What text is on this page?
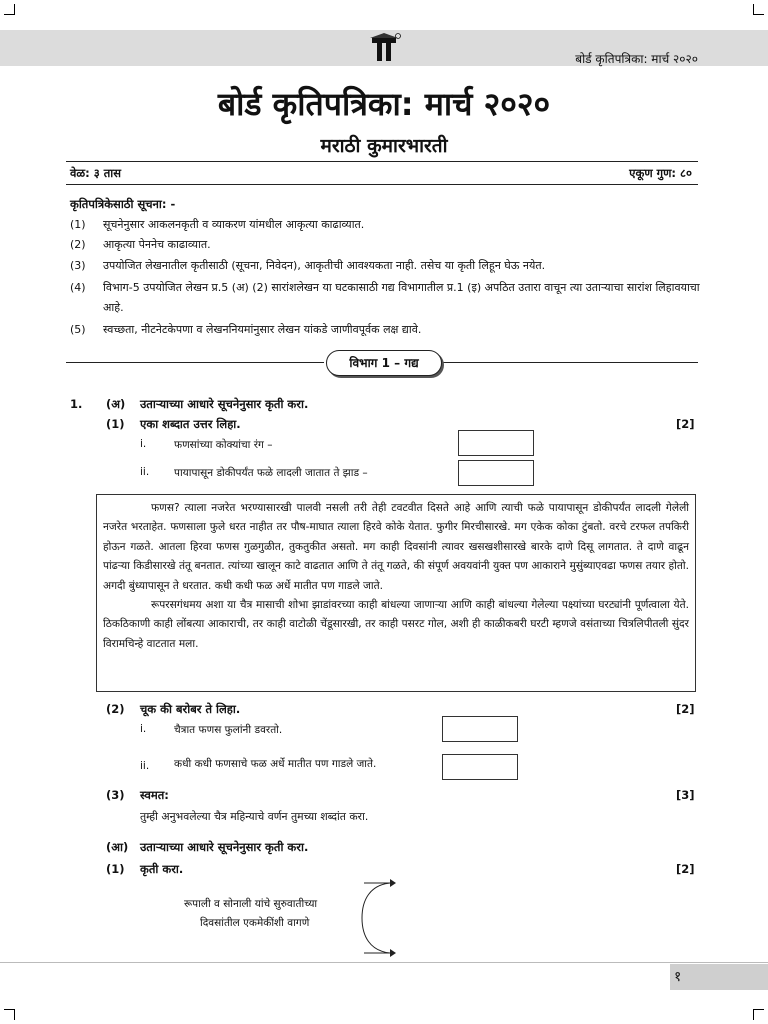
बोर्ड कृतिपत्रिका: मार्च २०२०
बोर्ड कृतिपत्रिका: मार्च २०२०
मराठी कुमारभारती
वेळ: ३ तास	एकूण गुण: ८०
कृतिपत्रिकेसाठी सूचना: -
(1)	सूचनेनुसार आकलनकृती व व्याकरण यांमधील आकृत्या काढाव्यात.
(2)	आकृत्या पेननेच काढाव्यात.
(3)	उपयोजित लेखनातील कृतीसाठी (सूचना, निवेदन), आकृतीची आवश्यकता नाही. तसेच या कृती लिहून घेऊ नयेत.
(4)	विभाग-5 उपयोजित लेखन प्र.5 (अ) (2) सारांशलेखन या घटकासाठी गद्य विभागातील प्र.1 (इ) अपठित उतारा वाचून त्या उताऱ्याचा सारांश लिहावयाचा आहे.
(5)	स्वच्छता, नीटनेटकेपणा व लेखननियमांनुसार लेखन यांकडे जाणीवपूर्वक लक्ष द्यावे.
विभाग 1 – गद्य
1. (अ) उताऱ्याच्या आधारे सूचनेनुसार कृती करा.
(1) एका शब्दात उत्तर लिहा.	[2]
i.	फणसांच्या कोक्यांचा रंग –
ii. पायापासून डोकीपर्यंत फळे लादली जातात ते झाड –

फणस? त्याला नजरेत भरण्यासारखी पालवी नसली तरी तेही टवटवीत दिसते आहे आणि त्याची फळे पायापासून डोकीपर्यंत लादली गेलेली नजरेत भरताहेत. फणसाला फुले धरत नाहीत तर पौष-माघात त्याला हिरवे कोके येतात. फुगीर मिरचीसारखे. मग एकेक कोका टुंबतो. वरचे टरफल तपकिरी होऊन गळते. आतला हिरवा फणस गुळगुळीत, तुकतुकीत असतो. मग काही दिवसांनी त्यावर खसखशीसारखे बारके दाणे दिसू लागतात. ते दाणे वाढून पांढऱ्या किडीसारखे तंतू बनतात. त्यांच्या खालून काटे वाढतात आणि ते तंतू गळते, की संपूर्ण अवयवांनी युक्त पण आकाराने मुसुंब्याएवढा फणस तयार होतो. अगदी बुंध्यापासून ते धरतात. कधी कधी फळ अर्धे मातीत पण गाडले जाते.

रूपरसगंधमय अशा या चैत्र मासाची शोभा झाडांवरच्या काही बांधल्या जाणाऱ्या आणि काही बांधल्या गेलेल्या पक्ष्यांच्या घरट्यांनी पूर्णत्वाला येते. ठिकठिकाणी काही लोंबत्या आकाराची, तर काही वाटोळी चेंडूसारखी, तर काही पसरट गोल, अशी ही काळीकबरी घरटी म्हणजे वसंताच्या चित्रलिपीतली सुंदर विरामचिन्हे वाटतात मला.

(2) चूक की बरोबर ते लिहा.	[2]
i.	चैत्रात फणस फुलांनी डवरतो.
ii. कधी कधी फणसाचे फळ अर्धे मातीत पण गाडले जाते.
(3) स्वमत:	[3]
तुम्ही अनुभवलेल्या चैत्र महिन्याचे वर्णन तुमच्या शब्दांत करा.
(आ) उताऱ्याच्या आधारे सूचनेनुसार कृती करा.
(1) कृती करा.	[2]
रूपाली व सोनाली यांचे सुरुवातीच्या
दिवसांतील एकमेकींशी वागणे
१
